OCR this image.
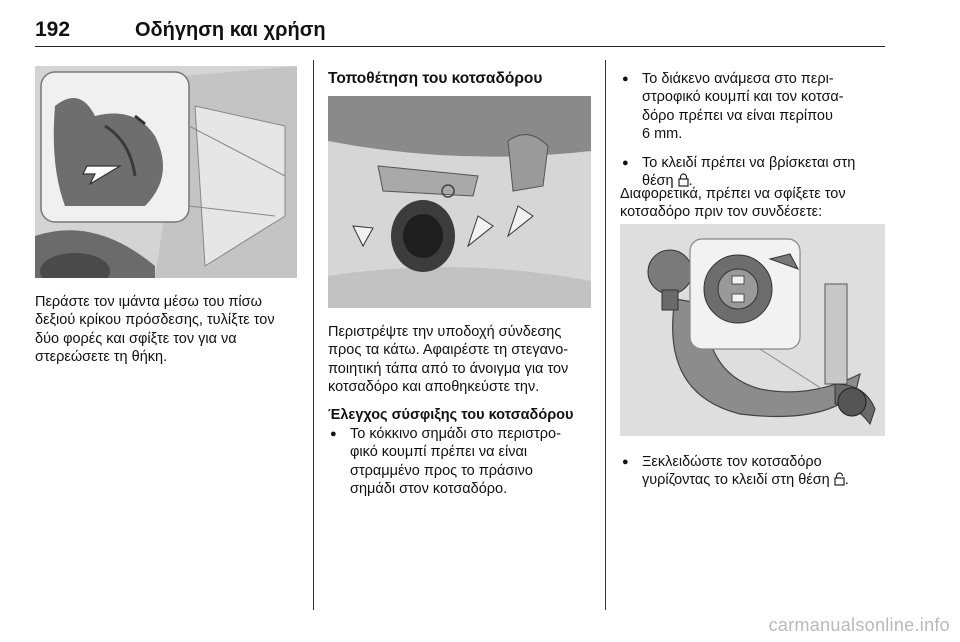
192	Οδήγηση και χρήση

Περάστε τον ιμάντα μέσω του πίσω
δεξιού κρίκου πρόσδεσης, τυλίξτε τον
δύο φορές και σφίξτε τον για να
στερεώσετε τη θήκη.

Τοποθέτηση του κοτσαδόρου

Περιστρέψτε την υποδοχή σύνδεσης
προς τα κάτω. Αφαιρέστε τη στεγανο-
ποιητική τάπα από το άνοιγμα για τον
κοτσαδόρο και αποθηκεύστε την.

Έλεγχος σύσφιξης του κοτσαδόρου

● Το κόκκινο σημάδι στο περιστρο-
φικό κουμπί πρέπει να είναι
στραμμένο προς το πράσινο
σημάδι στον κοτσαδόρο.

● Το διάκενο ανάμεσα στο περι-
στροφικό κουμπί και τον κοτσα-
δόρο πρέπει να είναι περίπου
6 mm.

● Το κλειδί πρέπει να βρίσκεται στη
θέση .

Διαφορετικά, πρέπει να σφίξετε τον
κοτσαδόρο πριν τον συνδέσετε:

● Ξεκλειδώστε τον κοτσαδόρο
γυρίζοντας το κλειδί στη θέση .

carmanualsonline.info
